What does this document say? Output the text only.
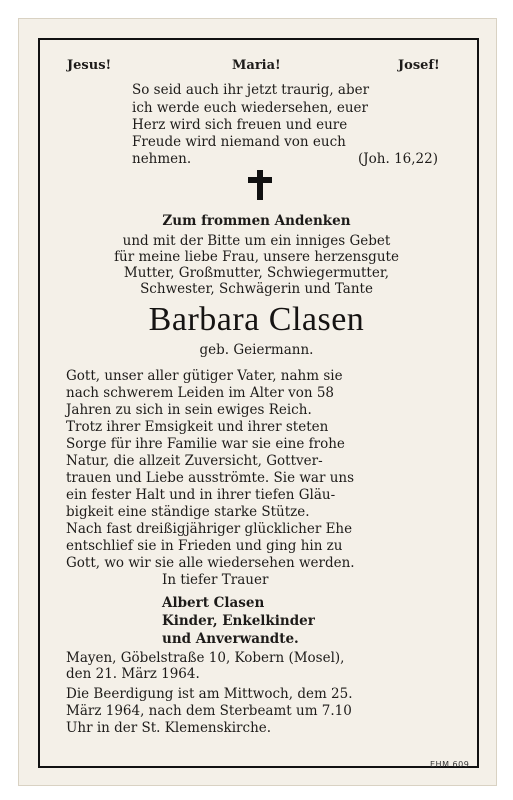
Jesus!	Maria!	Josef!
So seid auch ihr jetzt traurig, aber
ich werde euch wiedersehen, euer
Herz wird sich freuen und eure
Freude wird niemand von euch
nehmen.	(Joh. 16,22)
Zum frommen Andenken
und mit der Bitte um ein inniges Gebet
für meine liebe Frau, unsere herzensgute
Mutter, Großmutter, Schwiegermutter,
Schwester, Schwägerin und Tante
Barbara Clasen
geb. Geiermann.
Gott, unser aller gütiger Vater, nahm sie
nach schwerem Leiden im Alter von 58
Jahren zu sich in sein ewiges Reich.
Trotz ihrer Emsigkeit und ihrer steten
Sorge für ihre Familie war sie eine frohe
Natur, die allzeit Zuversicht, Gottver-
trauen und Liebe ausströmte. Sie war uns
ein fester Halt und in ihrer tiefen Gläu-
bigkeit eine ständige starke Stütze.
Nach fast dreißigjähriger glücklicher Ehe
entschlief sie in Frieden und ging hin zu
Gott, wo wir sie alle wiedersehen werden.
In tiefer Trauer
Albert Clasen
Kinder, Enkelkinder
und Anverwandte.
Mayen, Göbelstraße 10, Kobern (Mosel),
den 21. März 1964.
Die Beerdigung ist am Mittwoch, dem 25.
März 1964, nach dem Sterbeamt um 7.10
Uhr in der St. Klemenskirche.
EHM 609
